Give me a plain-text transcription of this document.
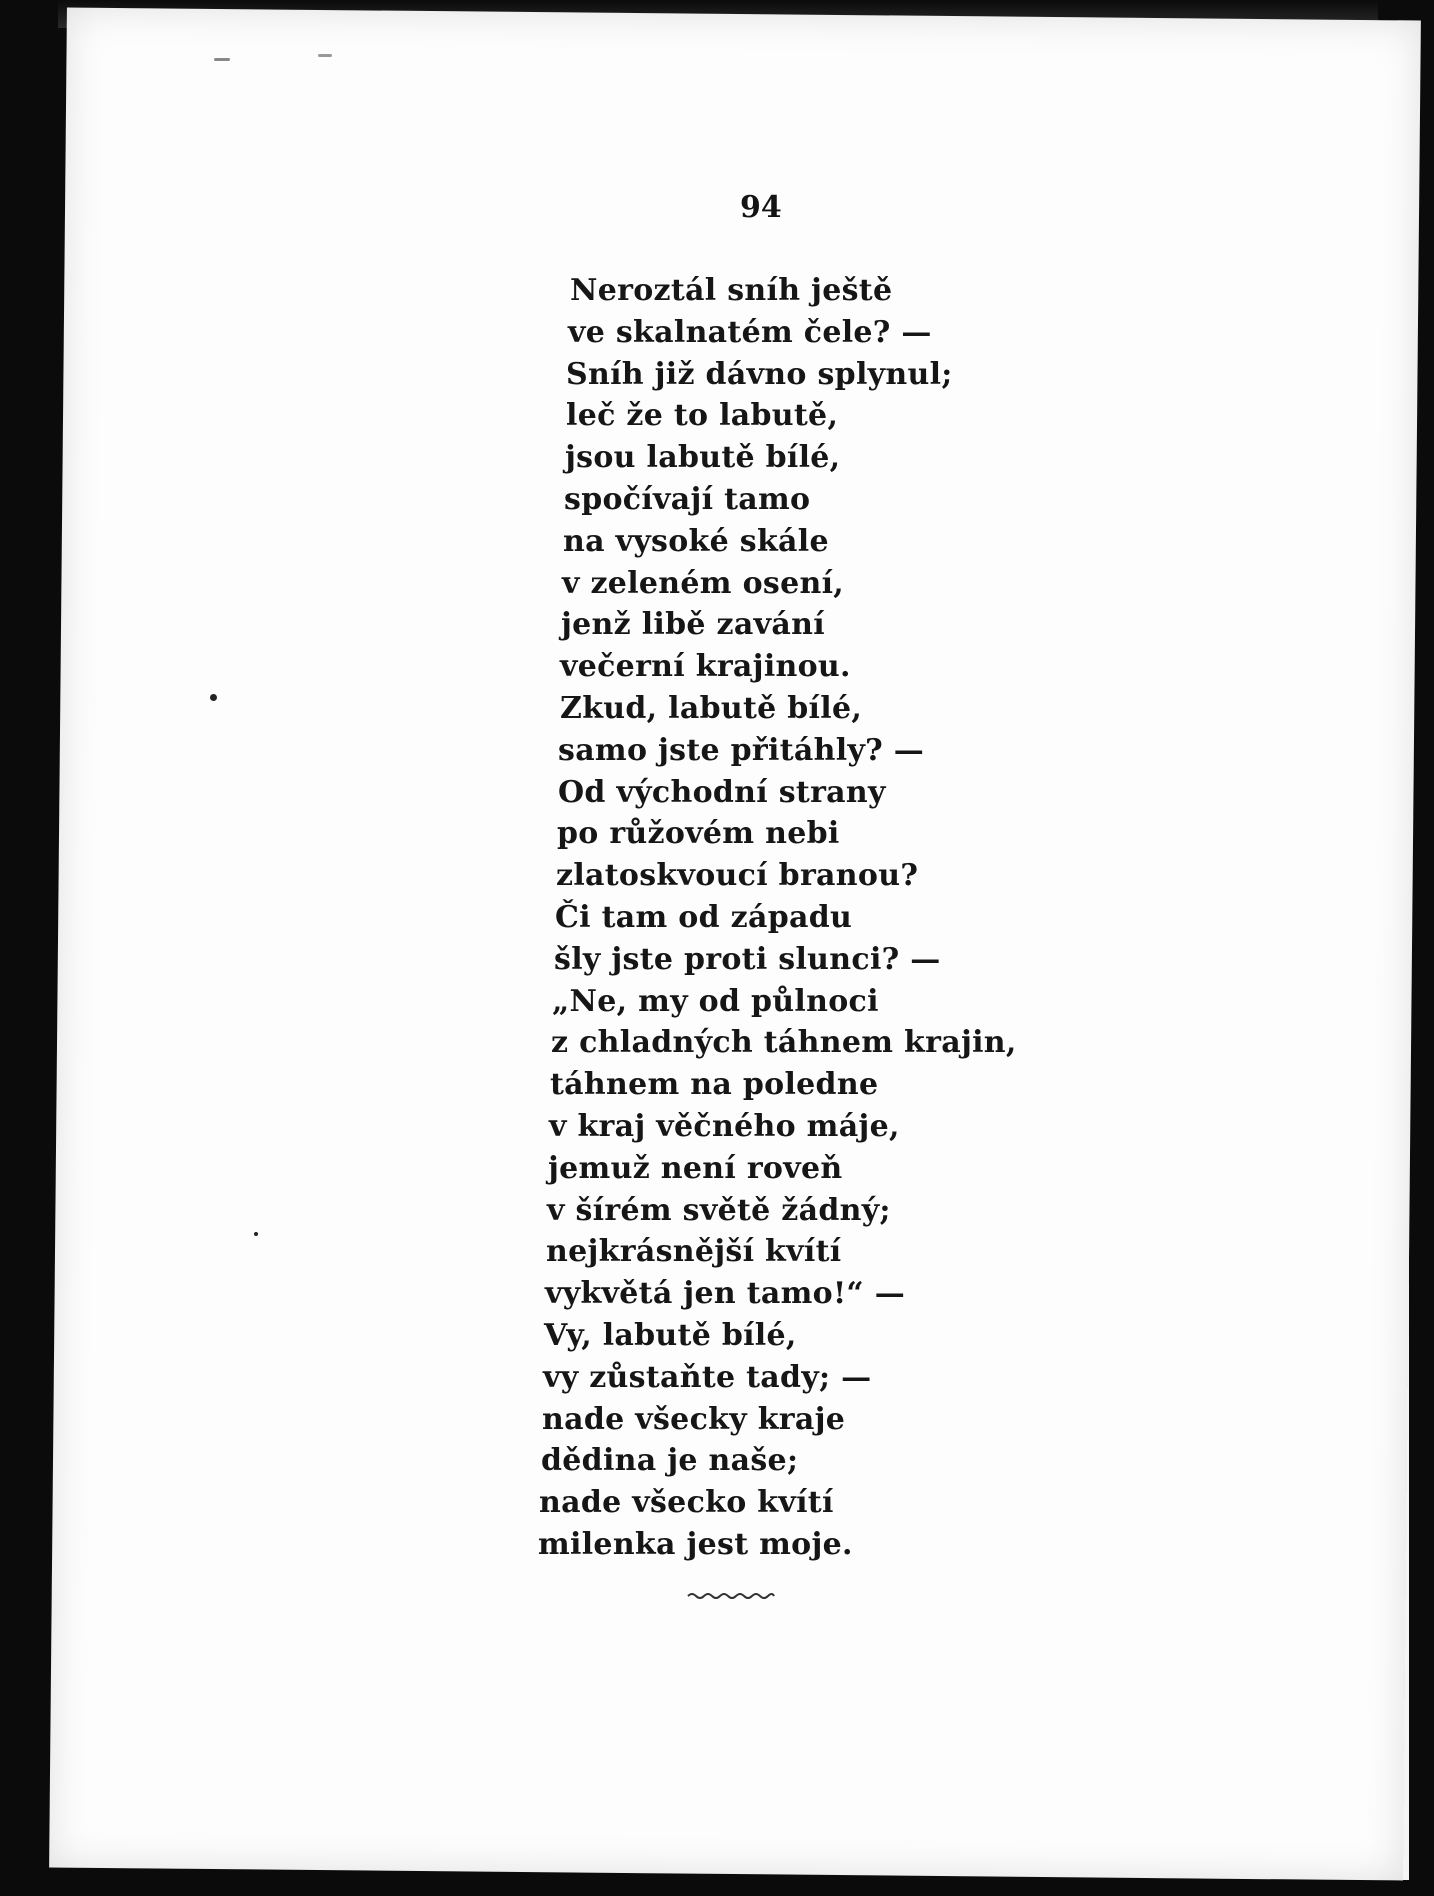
94
Neroztál sníh ještě
ve skalnatém čele? —
Sníh již dávno splynul;
leč že to labutě,
jsou labutě bílé,
spočívají tamo
na vysoké skále
v zeleném osení,
jenž libě zavání
večerní krajinou.
Zkud, labutě bílé,
samo jste přitáhly? —
Od východní strany
po růžovém nebi
zlatoskvoucí branou?
Či tam od západu
šly jste proti slunci? —
„Ne, my od půlnoci
z chladných táhnem krajin,
táhnem na poledne
v kraj věčného máje,
jemuž není roveň
v šírém světě žádný;
nejkrásnější kvítí
vykvětá jen tamo!“ —
Vy, labutě bílé,
vy zůstaňte tady; —
nade všecky kraje
dědina je naše;
nade všecko kvítí
milenka jest moje.
